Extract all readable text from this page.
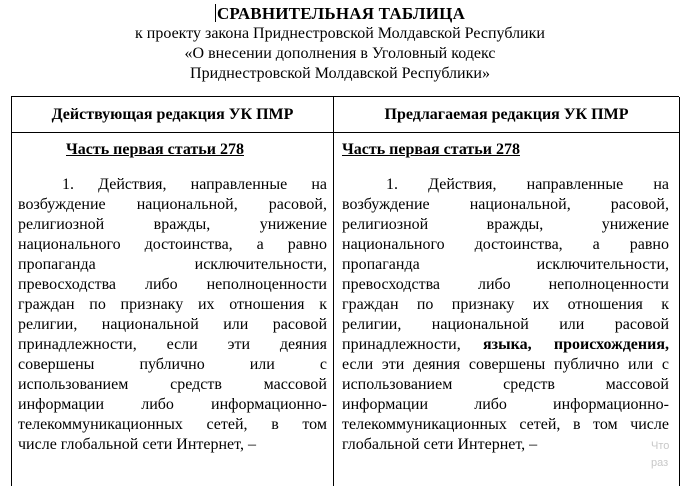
СРАВНИТЕЛЬНАЯ ТАБЛИЦА
к проекту закона Приднестровской Молдавской Республики
«О внесении дополнения в Уголовный кодекс
Приднестровской Молдавской Республики»
Действующая редакция УК ПМР
Часть первая статьи 278
1. Действия, направленные на
возбуждение национальной, расовой,
религиозной вражды, унижение
национального достоинства, а равно
пропаганда исключительности,
превосходства либо неполноценности
граждан по признаку их отношения к
религии, национальной или расовой
принадлежности, если эти деяния
совершены публично или с
использованием средств массовой
информации либо информационно-
телекоммуникационных сетей, в том
числе глобальной сети Интернет, –
Предлагаемая редакция УК ПМР
Часть первая статьи 278
1. Действия, направленные на
возбуждение национальной, расовой,
религиозной вражды, унижение
национального достоинства, а равно
пропаганда исключительности,
превосходства либо неполноценности
граждан по признаку их отношения к
религии, национальной или расовой
принадлежности, языка, происхождения,
если эти деяния совершены публично или с
использованием средств массовой
информации либо информационно-
телекоммуникационных сетей, в том числе
глобальной сети Интернет, –	Что
раз
